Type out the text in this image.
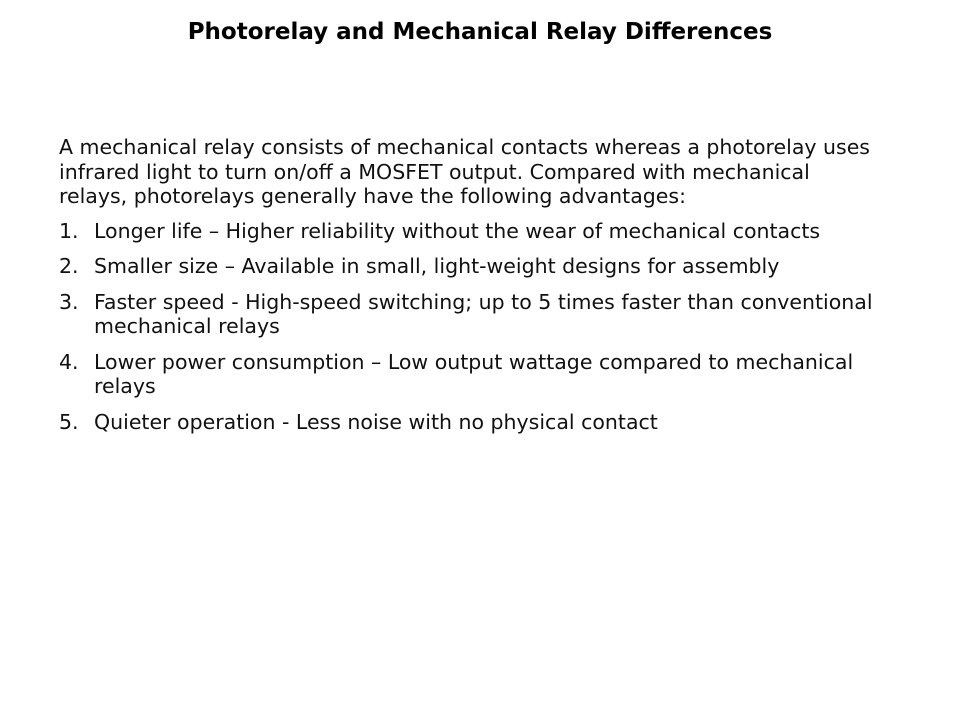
Photorelay and Mechanical Relay Differences

A mechanical relay consists of mechanical contacts whereas a photorelay uses infrared light to turn on/off a MOSFET output. Compared with mechanical relays, photorelays generally have the following advantages:

1. Longer life – Higher reliability without the wear of mechanical contacts
2. Smaller size – Available in small, light-weight designs for assembly
3. Faster speed - High-speed switching; up to 5 times faster than conventional mechanical relays
4. Lower power consumption – Low output wattage compared to mechanical relays
5. Quieter operation - Less noise with no physical contact
